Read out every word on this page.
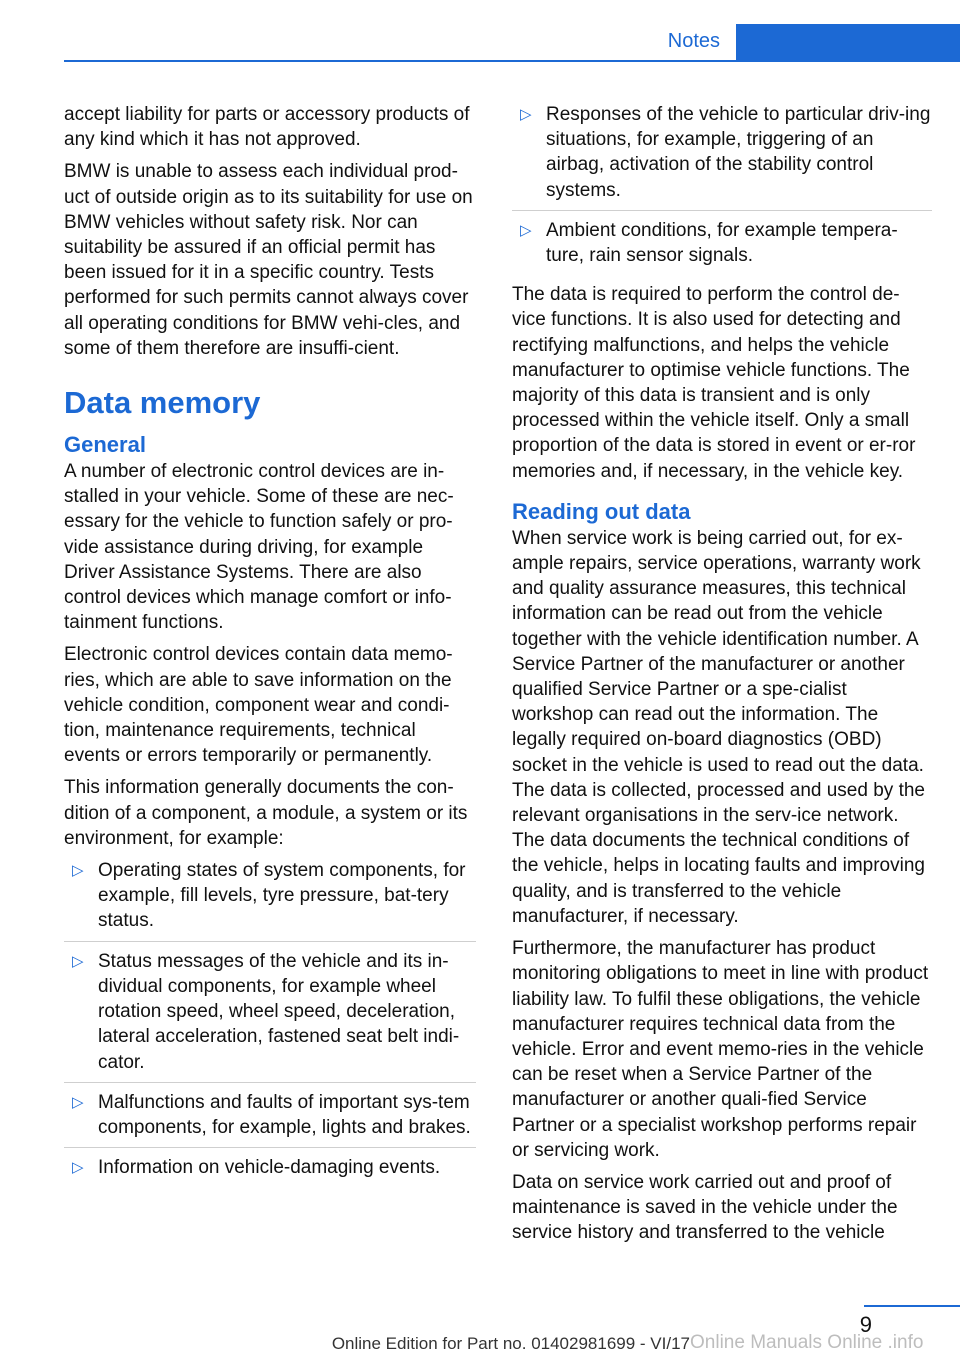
Notes

accept liability for parts or accessory products of any kind which it has not approved.

BMW is unable to assess each individual prod‐uct of outside origin as to its suitability for use on BMW vehicles without safety risk. Nor can suitability be assured if an official permit has been issued for it in a specific country. Tests performed for such permits cannot always cover all operating conditions for BMW vehi‐cles, and some of them therefore are insuffi‐cient.

Data memory
General

A number of electronic control devices are in‐stalled in your vehicle. Some of these are nec‐essary for the vehicle to function safely or pro‐vide assistance during driving, for example Driver Assistance Systems. There are also control devices which manage comfort or info‐tainment functions.

Electronic control devices contain data memo‐ries, which are able to save information on the vehicle condition, component wear and condi‐tion, maintenance requirements, technical events or errors temporarily or permanently.

This information generally documents the con‐dition of a component, a module, a system or its environment, for example:

▷ Operating states of system components, for example, fill levels, tyre pressure, bat‐tery status.
▷ Status messages of the vehicle and its in‐dividual components, for example wheel rotation speed, wheel speed, deceleration, lateral acceleration, fastened seat belt indi‐cator.
▷ Malfunctions and faults of important sys‐tem components, for example, lights and brakes.
▷ Information on vehicle-damaging events.
▷ Responses of the vehicle to particular driv‐ing situations, for example, triggering of an airbag, activation of the stability control systems.
▷ Ambient conditions, for example tempera‐ture, rain sensor signals.

The data is required to perform the control de‐vice functions. It is also used for detecting and rectifying malfunctions, and helps the vehicle manufacturer to optimise vehicle functions. The majority of this data is transient and is only processed within the vehicle itself. Only a small proportion of the data is stored in event or er‐ror memories and, if necessary, in the vehicle key.

Reading out data

When service work is being carried out, for ex‐ample repairs, service operations, warranty work and quality assurance measures, this technical information can be read out from the vehicle together with the vehicle identification number. A Service Partner of the manufacturer or another qualified Service Partner or a spe‐cialist workshop can read out the information. The legally required on-board diagnostics (OBD) socket in the vehicle is used to read out the data. The data is collected, processed and used by the relevant organisations in the serv‐ice network. The data documents the technical conditions of the vehicle, helps in locating faults and improving quality, and is transferred to the vehicle manufacturer, if necessary.

Furthermore, the manufacturer has product monitoring obligations to meet in line with product liability law. To fulfil these obligations, the vehicle manufacturer requires technical data from the vehicle. Error and event memo‐ries in the vehicle can be reset when a Service Partner of the manufacturer or another quali‐fied Service Partner or a specialist workshop performs repair or servicing work.

Data on service work carried out and proof of maintenance is saved in the vehicle under the service history and transferred to the vehicle

9
Online Edition for Part no. 01402981699 - VI/17 Online Manuals Online .info
